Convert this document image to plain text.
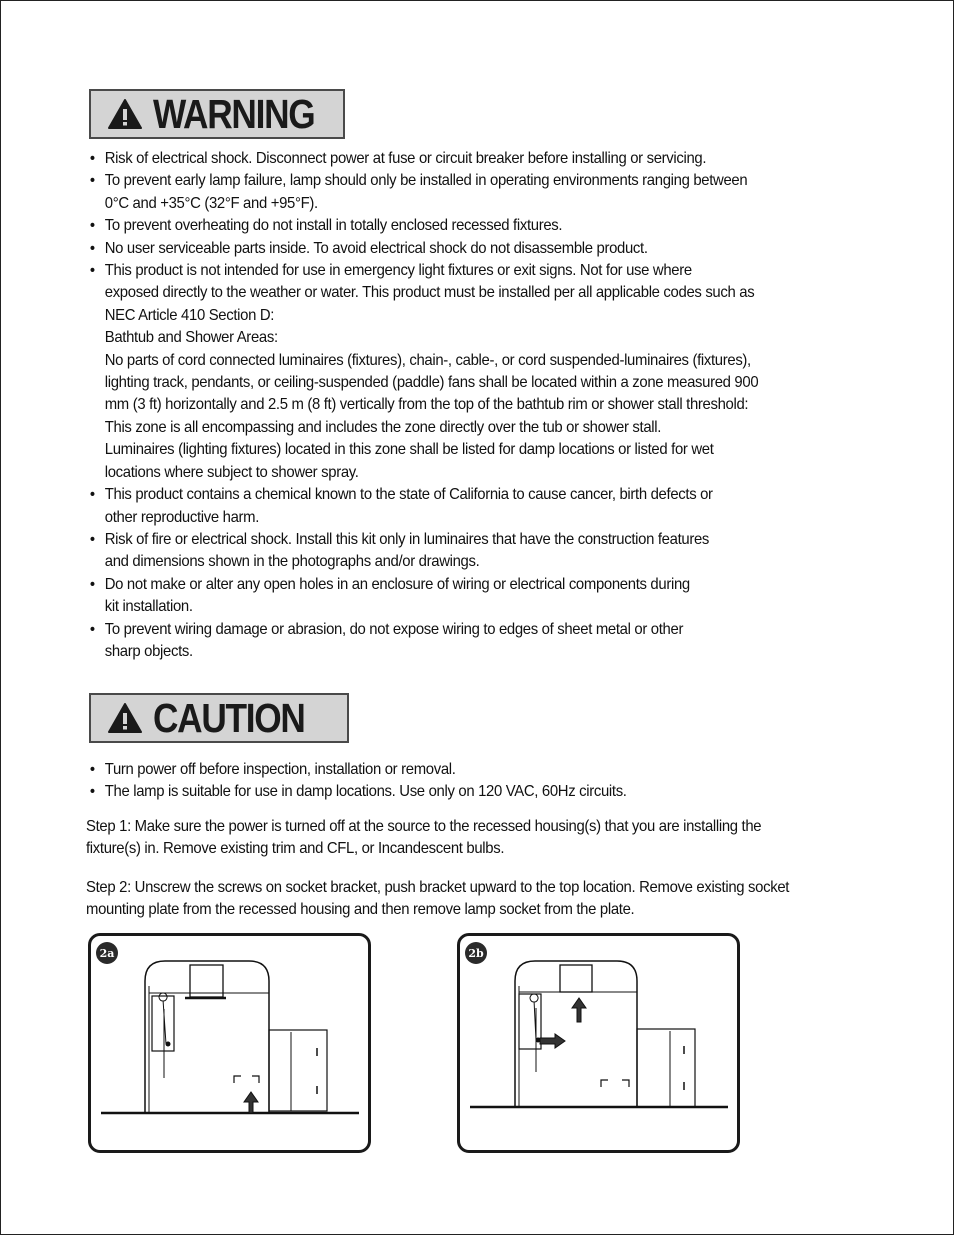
WARNING
• Risk of electrical shock. Disconnect power at fuse or circuit breaker before installing or servicing.
• To prevent early lamp failure, lamp should only be installed in operating environments ranging between
0°C and +35°C (32°F and +95°F).
• To prevent overheating do not install in totally enclosed recessed fixtures.
• No user serviceable parts inside. To avoid electrical shock do not disassemble product.
• This product is not intended for use in emergency light fixtures or exit signs. Not for use where
exposed directly to the weather or water. This product must be installed per all applicable codes such as
NEC Article 410 Section D:
Bathtub and Shower Areas:
No parts of cord connected luminaires (fixtures), chain-, cable-, or cord suspended-luminaires (fixtures),
lighting track, pendants, or ceiling-suspended (paddle) fans shall be located within a zone measured 900
mm (3 ft) horizontally and 2.5 m (8 ft) vertically from the top of the bathtub rim or shower stall threshold:
This zone is all encompassing and includes the zone directly over the tub or shower stall.
Luminaires (lighting fixtures) located in this zone shall be listed for damp locations or listed for wet
locations where subject to shower spray.
• This product contains a chemical known to the state of California to cause cancer, birth defects or
other reproductive harm.
• Risk of fire or electrical shock. Install this kit only in luminaires that have the construction features
and dimensions shown in the photographs and/or drawings.
• Do not make or alter any open holes in an enclosure of wiring or electrical components during
kit installation.
• To prevent wiring damage or abrasion, do not expose wiring to edges of sheet metal or other
sharp objects.
CAUTION
• Turn power off before inspection, installation or removal.
• The lamp is suitable for use in damp locations. Use only on 120 VAC, 60Hz circuits.

Step 1: Make sure the power is turned off at the source to the recessed housing(s) that you are installing the
fixture(s) in. Remove existing trim and CFL, or Incandescent bulbs.

Step 2: Unscrew the screws on socket bracket, push bracket upward to the top location. Remove existing socket
mounting plate from the recessed housing and then remove lamp socket from the plate.

2a	2b
